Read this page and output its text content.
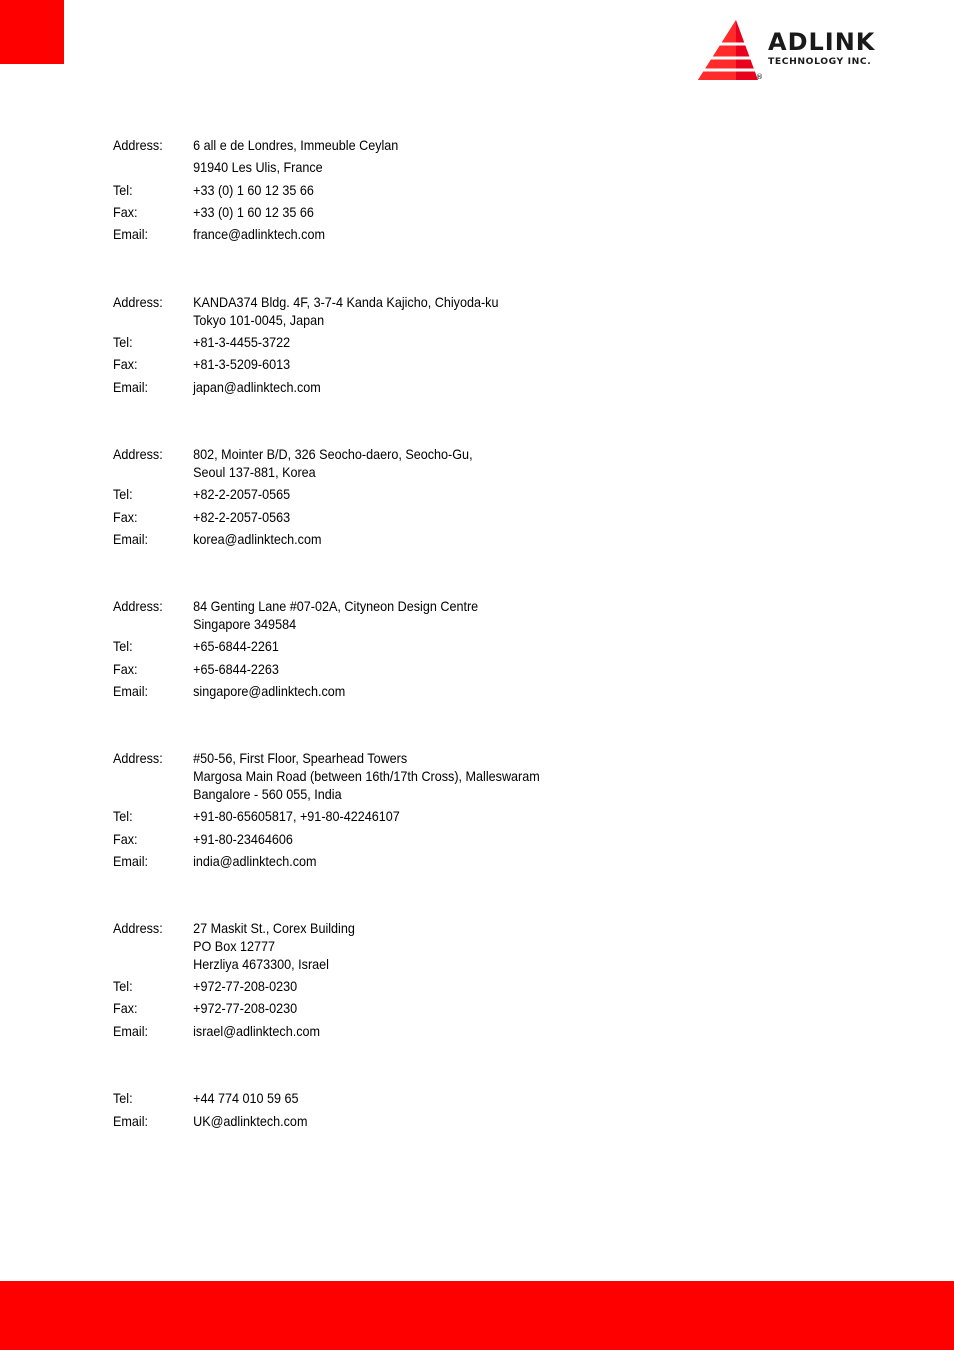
ADLINK
TECHNOLOGY INC.
®
Address: 6 all e de Londres, Immeuble Ceylan
91940 Les Ulis, France
Tel:	+33 (0) 1 60 12 35 66
Fax:	+33 (0) 1 60 12 35 66
Email:	france@adlinktech.com
Address: KANDA374 Bldg. 4F, 3-7-4 Kanda Kajicho, Chiyoda-ku
Tokyo 101-0045, Japan
Tel:	+81-3-4455-3722
Fax:	+81-3-5209-6013
Email:	japan@adlinktech.com
Address: 802, Mointer B/D, 326 Seocho-daero, Seocho-Gu,
Seoul 137-881, Korea
Tel:	+82-2-2057-0565
Fax:	+82-2-2057-0563
Email:	korea@adlinktech.com
Address: 84 Genting Lane #07-02A, Cityneon Design Centre
Singapore 349584
Tel:	+65-6844-2261
Fax:	+65-6844-2263
Email:	singapore@adlinktech.com
Address: #50-56, First Floor, Spearhead Towers
Margosa Main Road (between 16th/17th Cross), Malleswaram
Bangalore - 560 055, India
Tel:	+91-80-65605817, +91-80-42246107
Fax:	+91-80-23464606
Email:	india@adlinktech.com
Address: 27 Maskit St., Corex Building
PO Box 12777
Herzliya 4673300, Israel
Tel:	+972-77-208-0230
Fax:	+972-77-208-0230
Email:	israel@adlinktech.com
Tel:	+44 774 010 59 65
Email:	UK@adlinktech.com
